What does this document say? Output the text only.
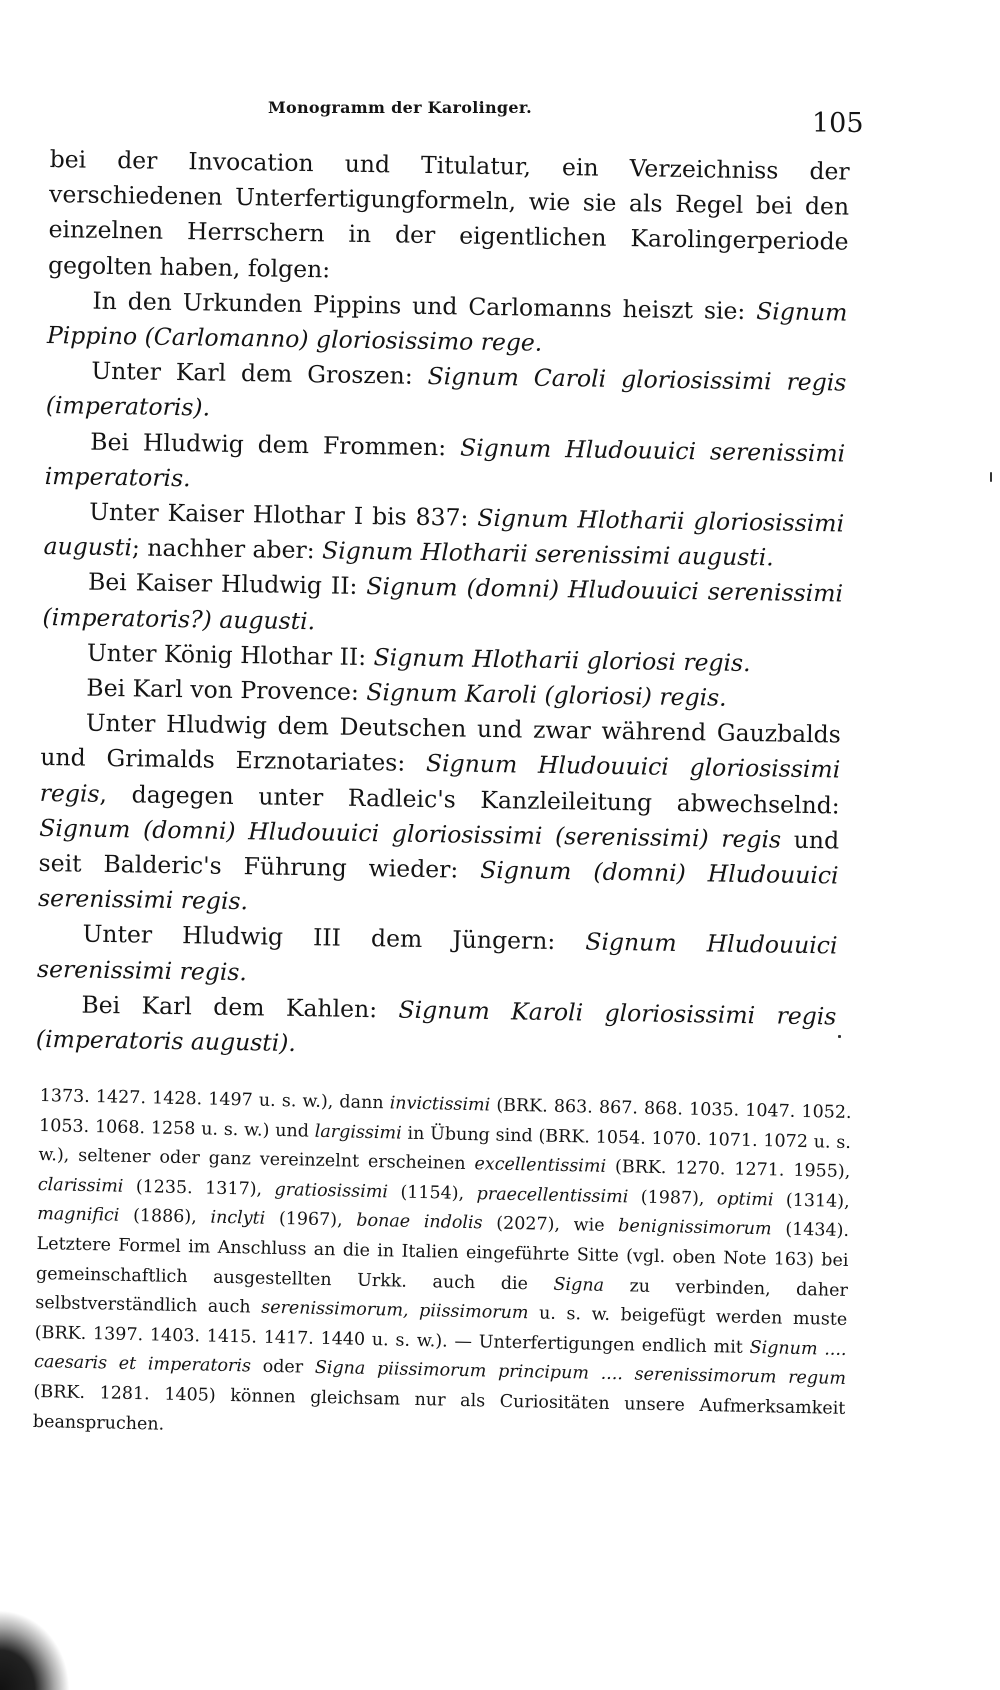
Monogramm der Karolinger.
105

bei der Invocation und Titulatur, ein Verzeichniss der verschiedenen Unterfertigungformeln, wie sie als Regel bei den einzelnen Herrschern in der eigentlichen Karolingerperiode gegolten haben, folgen:

In den Urkunden Pippins und Carlomanns heiszt sie: Signum Pippino (Carlomanno) gloriosissimo rege.

Unter Karl dem Groszen: Signum Caroli gloriosissimi regis (imperatoris).

Bei Hludwig dem Frommen: Signum Hludouuici serenissimi imperatoris.

Unter Kaiser Hlothar I bis 837: Signum Hlotharii gloriosissimi augusti; nachher aber: Signum Hlotharii serenissimi augusti.

Bei Kaiser Hludwig II: Signum (domni) Hludouuici serenissimi (imperatoris?) augusti.

Unter König Hlothar II: Signum Hlotharii gloriosi regis.

Bei Karl von Provence: Signum Karoli (gloriosi) regis.

Unter Hludwig dem Deutschen und zwar während Gauzbalds und Grimalds Erznotariates: Signum Hludouuici gloriosissimi regis, dagegen unter Radleic's Kanzleileitung abwechselnd: Signum (domni) Hludouuici gloriosissimi (serenissimi) regis und seit Balderic's Führung wieder: Signum (domni) Hludouuici serenissimi regis.

Unter Hludwig III dem Jüngern: Signum Hludouuici serenissimi regis.

Bei Karl dem Kahlen: Signum Karoli gloriosissimi regis (imperatoris augusti).

1373. 1427. 1428. 1497 u. s. w.), dann invictissimi (BRK. 863. 867. 868. 1035. 1047. 1052. 1053. 1068. 1258 u. s. w.) und largissimi in Übung sind (BRK. 1054. 1070. 1071. 1072 u. s. w.), seltener oder ganz vereinzelnt erscheinen excellentissimi (BRK. 1270. 1271. 1955), clarissimi (1235. 1317), gratiosissimi (1154), praecellentissimi (1987), optimi (1314), magnifici (1886), inclyti (1967), bonae indolis (2027), wie benignissimorum (1434). Letztere Formel im Anschluss an die in Italien eingeführte Sitte (vgl. oben Note 163) bei gemeinschaftlich ausgestellten Urkk. auch die Signa zu verbinden, daher selbstverständlich auch serenissimorum, piissimorum u. s. w. beigefügt werden muste (BRK. 1397. 1403. 1415. 1417. 1440 u. s. w.). — Unterfertigungen endlich mit Signum .... caesaris et imperatoris oder Signa piissimorum principum .... serenissimorum regum (BRK. 1281. 1405) können gleichsam nur als Curiositäten unsere Aufmerksamkeit beanspruchen.
